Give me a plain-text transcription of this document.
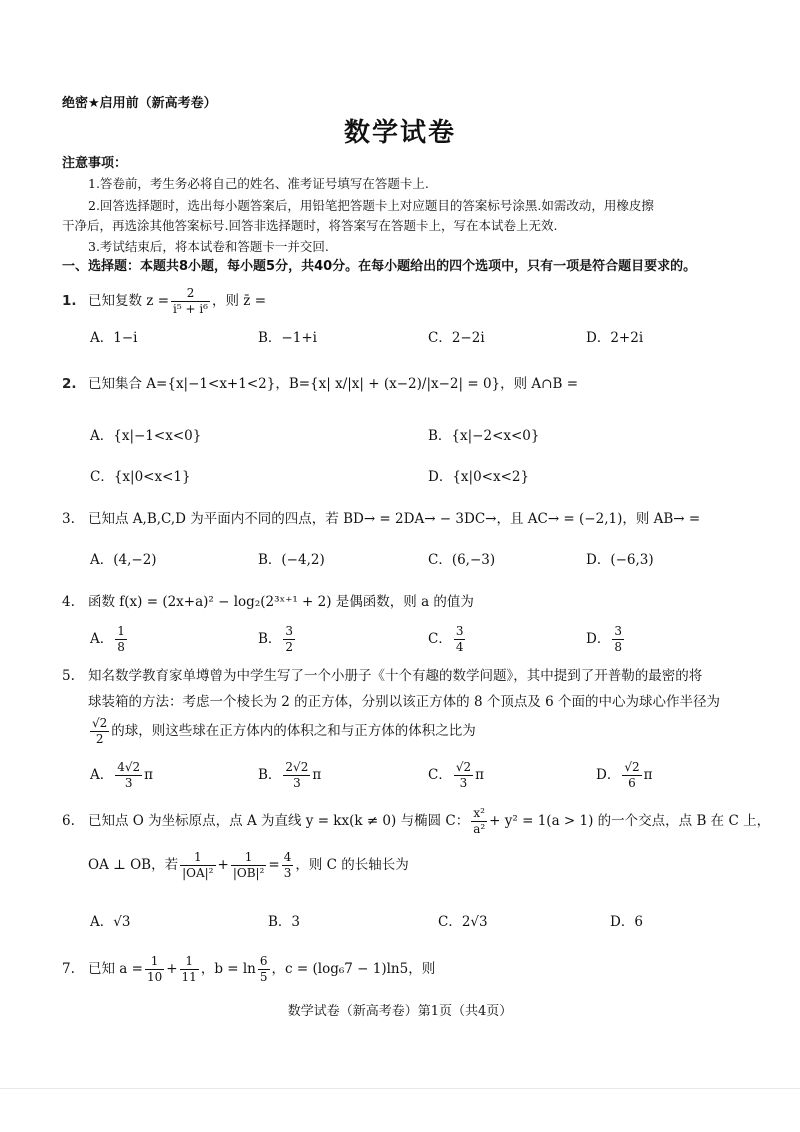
绝密★启用前（新高考卷）
数学试卷
注意事项：
1.答卷前，考生务必将自己的姓名、准考证号填写在答题卡上.
2.回答选择题时，选出每小题答案后，用铅笔把答题卡上对应题目的答案标号涂黑.如需改动，用橡皮擦
干净后，再选涂其他答案标号.回答非选择题时，将答案写在答题卡上，写在本试卷上无效.
3.考试结束后，将本试卷和答题卡一并交回.
一、选择题：本题共8小题，每小题5分，共40分。在每小题给出的四个选项中，只有一项是符合题目要求的。
1. 已知复数 $z = \frac{2}{\text{i⁵ + i⁶}}$ ，则 z̄ =
A．1−i	B．−1+i	C．2−2i	D．2+2i
2. 已知集合 A={x|−1<x+1<2}，B={x| x/|x| + (x−2)/|x−2| = 0}，则 A∩B =
A．{x|−1<x<0}	B．{x|−2<x<0}
C．{x|0<x<1}	D．{x|0<x<2}
3. 已知点 A,B,C,D 为平面内不同的四点，若 BD→ = 2DA→ − 3DC→，且 AC→ = (−2,1)，则 AB→ =
A．(4,−2)	B．(−4,2)	C．(6,−3)	D．(−6,3)
4. 函数 f(x) = (2x+a)² − log₂(2³ˣ⁺¹ + 2) 是偶函数，则 a 的值为
A． $\frac{1}{8}$	B． $\frac{3}{2}$	C． $\frac{3}{4}$	D． $\frac{3}{8}$
5. 知名数学教育家单墫曾为中学生写了一个小册子《十个有趣的数学问题》，其中提到了开普勒的最密的将
球装箱的方法：考虑一个棱长为 2 的正方体，分别以该正方体的 8 个顶点及 6 个面的中心为球心作半径为
$\frac{√2}{2}$ 的球，则这些球在正方体内的体积之和与正方体的体积之比为
A． $\frac{4√2}{3}$ π	B． $\frac{2√2}{3}$ π	C． $\frac{√2}{3}$ π	D． $\frac{√2}{6}$ π
6. 已知点 O 为坐标原点，点 A 为直线 y = kx(k ≠ 0) 与椭圆 C： $\frac{\text{x²}}{\text{a²}} + y^2 = 1(a > 1)$ 的一个交点，点 B 在 C 上，
OA ⊥ OB，若 $\frac{1}{\text{|OA|²}} + \frac{1}{\text{|OB|²}} = \frac{4}{3}$ ，则 C 的长轴长为
A．√3	B．3	C．2√3	D．6
7. 已知 $a = \frac{1}{10} + \frac{1}{11}$ ，$b = \ln \frac{6}{5}$ ，c = (log₆7 − 1)ln5，则
数学试卷（新高考卷）第1页（共4页）
